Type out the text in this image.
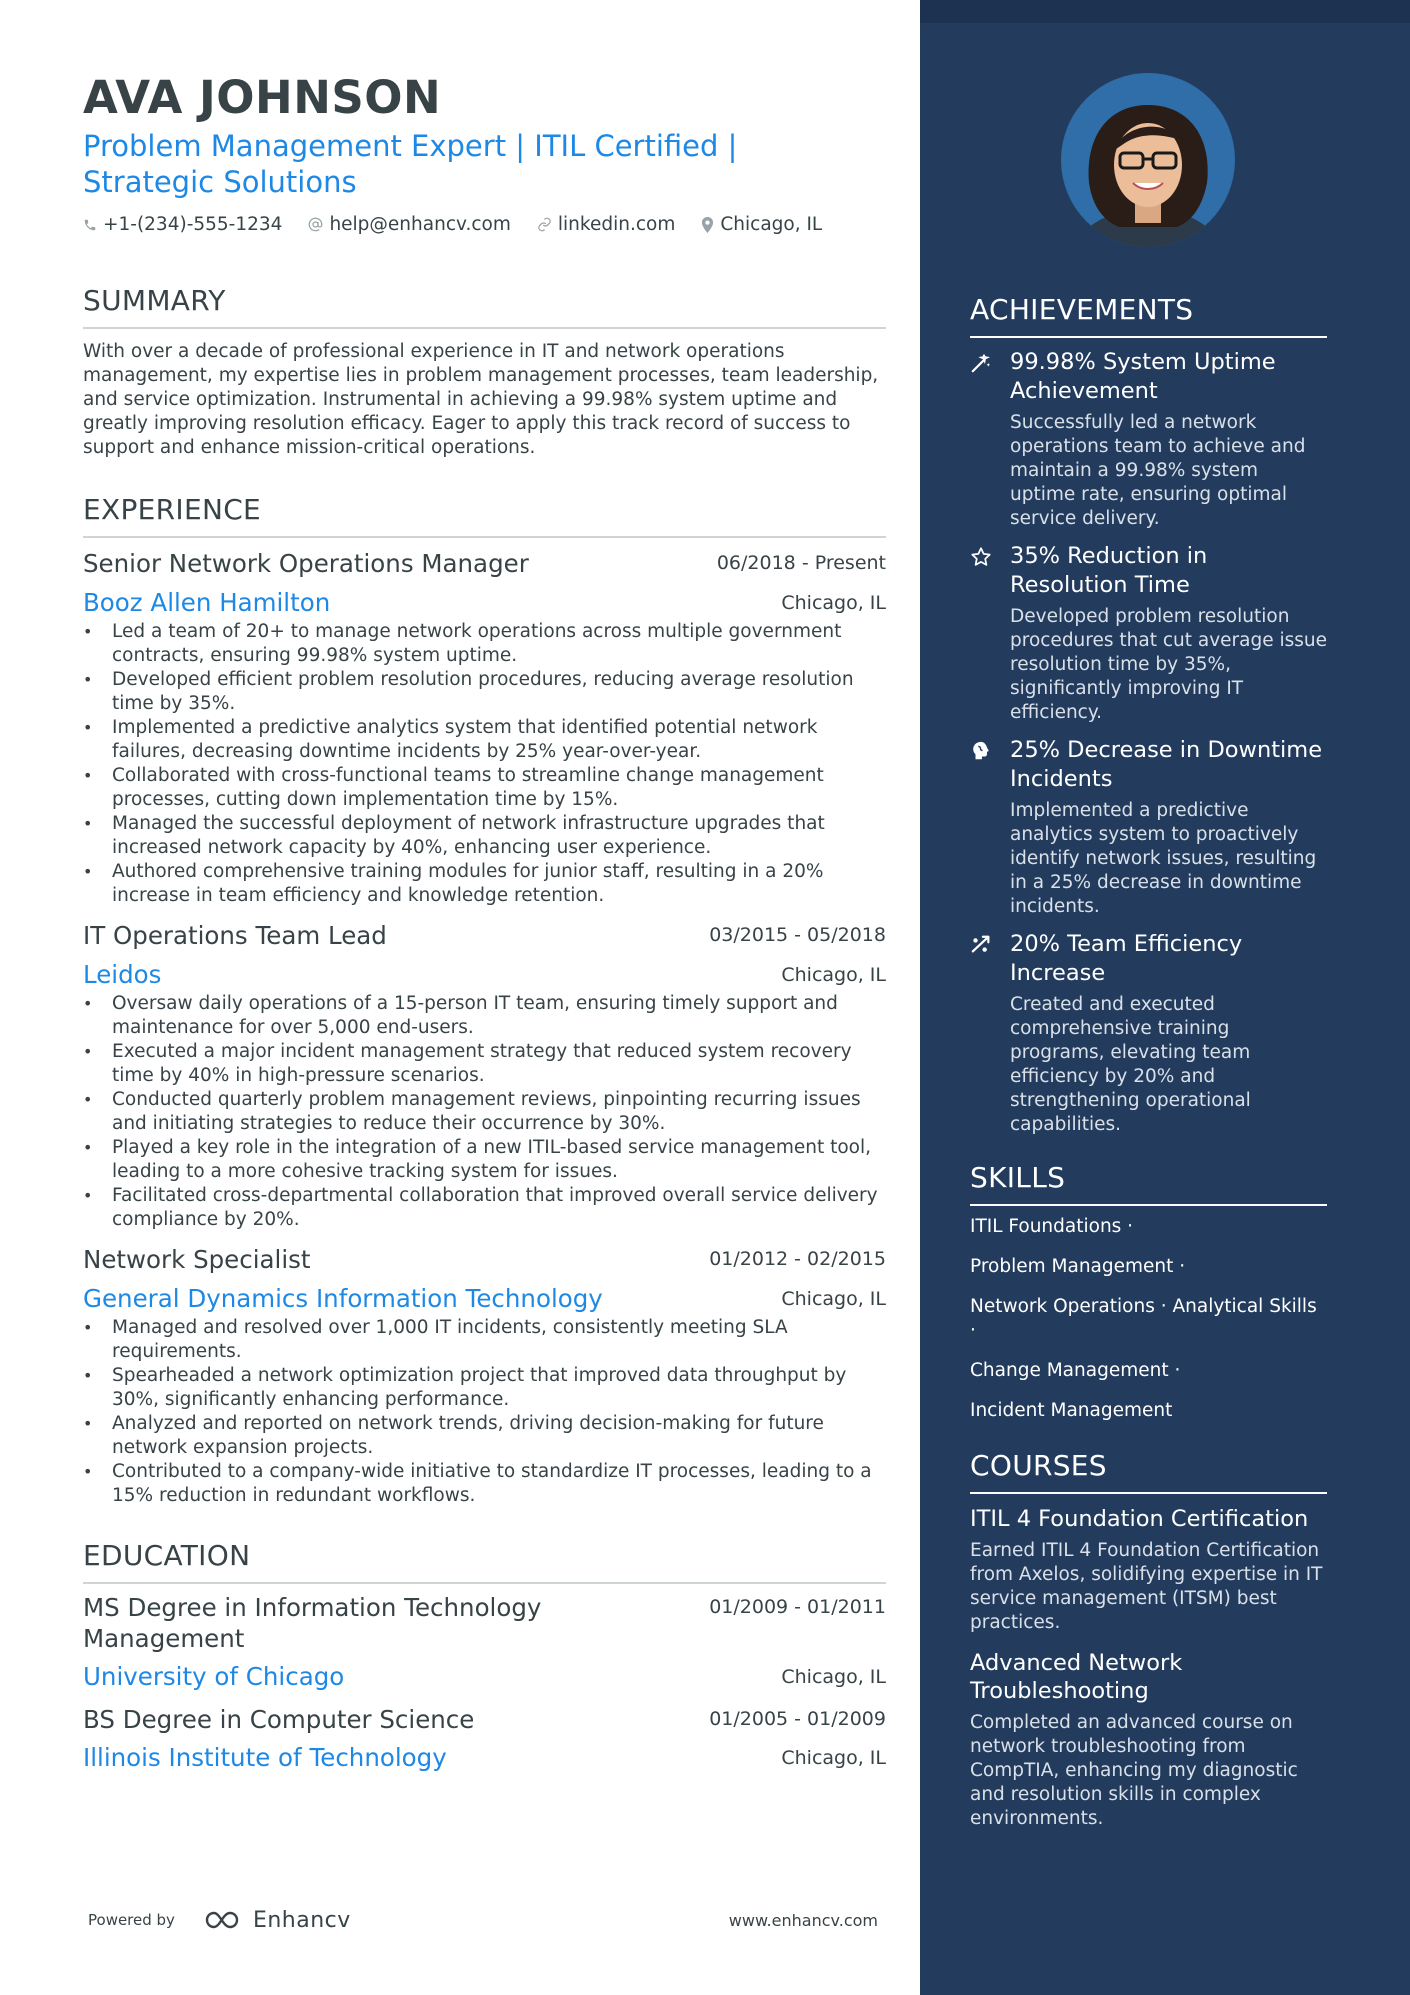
AVA JOHNSON
Problem Management Expert | ITIL Certified |
Strategic Solutions
+1-(234)-555-1234	help@enhancv.com	linkedin.com Chicago, IL
SUMMARY
With over a decade of professional experience in IT and network operations management, my expertise lies in problem management processes, team leadership, and service optimization. Instrumental in achieving a 99.98% system uptime and greatly improving resolution efficacy. Eager to apply this track record of success to support and enhance mission-critical operations.
EXPERIENCE
Senior Network Operations Manager	06/2018 - Present
Booz Allen Hamilton	Chicago, IL
• Led a team of 20+ to manage network operations across multiple government contracts, ensuring 99.98% system uptime.
• Developed efficient problem resolution procedures, reducing average resolution time by 35%.
• Implemented a predictive analytics system that identified potential network failures, decreasing downtime incidents by 25% year-over-year.
• Collaborated with cross-functional teams to streamline change management processes, cutting down implementation time by 15%.
• Managed the successful deployment of network infrastructure upgrades that increased network capacity by 40%, enhancing user experience.
• Authored comprehensive training modules for junior staff, resulting in a 20% increase in team efficiency and knowledge retention.
IT Operations Team Lead	03/2015 - 05/2018
Leidos	Chicago, IL
• Oversaw daily operations of a 15-person IT team, ensuring timely support and maintenance for over 5,000 end-users.
• Executed a major incident management strategy that reduced system recovery time by 40% in high-pressure scenarios.
• Conducted quarterly problem management reviews, pinpointing recurring issues and initiating strategies to reduce their occurrence by 30%.
• Played a key role in the integration of a new ITIL-based service management tool, leading to a more cohesive tracking system for issues.
• Facilitated cross-departmental collaboration that improved overall service delivery compliance by 20%.
Network Specialist	01/2012 - 02/2015
General Dynamics Information Technology	Chicago, IL
• Managed and resolved over 1,000 IT incidents, consistently meeting SLA requirements.
• Spearheaded a network optimization project that improved data throughput by 30%, significantly enhancing performance.
• Analyzed and reported on network trends, driving decision-making for future network expansion projects.
• Contributed to a company-wide initiative to standardize IT processes, leading to a 15% reduction in redundant workflows.
EDUCATION
MS Degree in Information Technology Management
01/2009 - 01/2011
University of Chicago	Chicago, IL
BS Degree in Computer Science	01/2005 - 01/2009
Illinois Institute of Technology	Chicago, IL
Powered by	Enhancv	www.enhancv.com
ACHIEVEMENTS
99.98% System Uptime Achievement
Successfully led a network operations team to achieve and maintain a 99.98% system uptime rate, ensuring optimal service delivery.
35% Reduction in Resolution Time
Developed problem resolution procedures that cut average issue resolution time by 35%, significantly improving IT efficiency.
25% Decrease in Downtime Incidents
Implemented a predictive analytics system to proactively identify network issues, resulting in a 25% decrease in downtime incidents.
20% Team Efficiency Increase
Created and executed comprehensive training programs, elevating team efficiency by 20% and strengthening operational capabilities.
SKILLS
ITIL Foundations ·
Problem Management ·
Network Operations · Analytical Skills ·
Change Management ·
Incident Management
COURSES
ITIL 4 Foundation Certification
Earned ITIL 4 Foundation Certification from Axelos, solidifying expertise in IT service management (ITSM) best practices.
Advanced Network Troubleshooting
Completed an advanced course on network troubleshooting from CompTIA, enhancing my diagnostic and resolution skills in complex environments.
